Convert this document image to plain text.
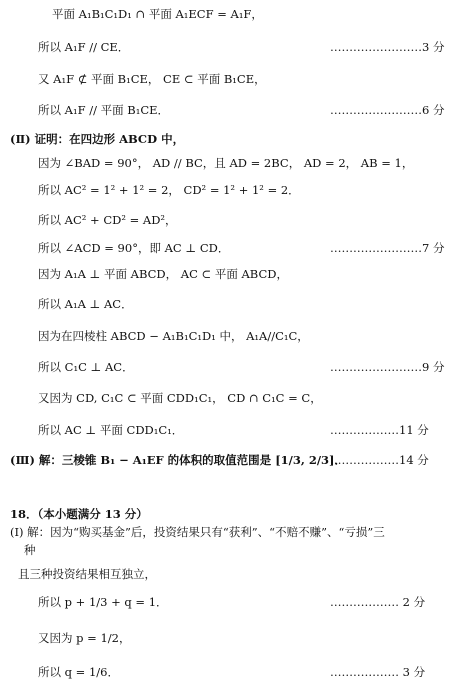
平面 A₁B₁C₁D₁ ∩ 平面 A₁ECF = A₁F，
所以 A₁F // CE．
又 A₁F ⊄ 平面 B₁CE， CE ⊂ 平面 B₁CE，
所以 A₁F // 平面 B₁CE．
(Ⅱ) 证明：在四边形 ABCD 中，
因为 ∠BAD = 90°， AD // BC，且 AD = 2BC， AD = 2， AB = 1，
所以 AC² = 1² + 1² = 2， CD² = 1² + 1² = 2．
所以 AC² + CD² = AD²，
所以 ∠ACD = 90°，即 AC ⊥ CD．
因为 A₁A ⊥ 平面 ABCD， AC ⊂ 平面 ABCD，
所以 A₁A ⊥ AC．
因为在四棱柱 ABCD − A₁B₁C₁D₁ 中， A₁A//C₁C，
所以 C₁C ⊥ AC．
又因为 CD, C₁C ⊂ 平面 CDD₁C₁， CD ∩ C₁C = C，
所以 AC ⊥ 平面 CDD₁C₁．
(Ⅲ) 解：三棱锥 B₁ − A₁EF 的体积的取值范围是 [1/3, 2/3]．
18．（本小题满分 13 分）
(Ⅰ) 解：因为“购买基金”后，投资结果只有“获利”、“不赔不赚”、“亏损”三
种
且三种投资结果相互独立，
所以 p + 1/3 + q = 1．
又因为 p = 1/2，
所以 q = 1/6．
……………………3 分
……………………6 分
……………………7 分
……………………9 分
………………11 分
………………14 分
……………… 2 分
……………… 3 分
